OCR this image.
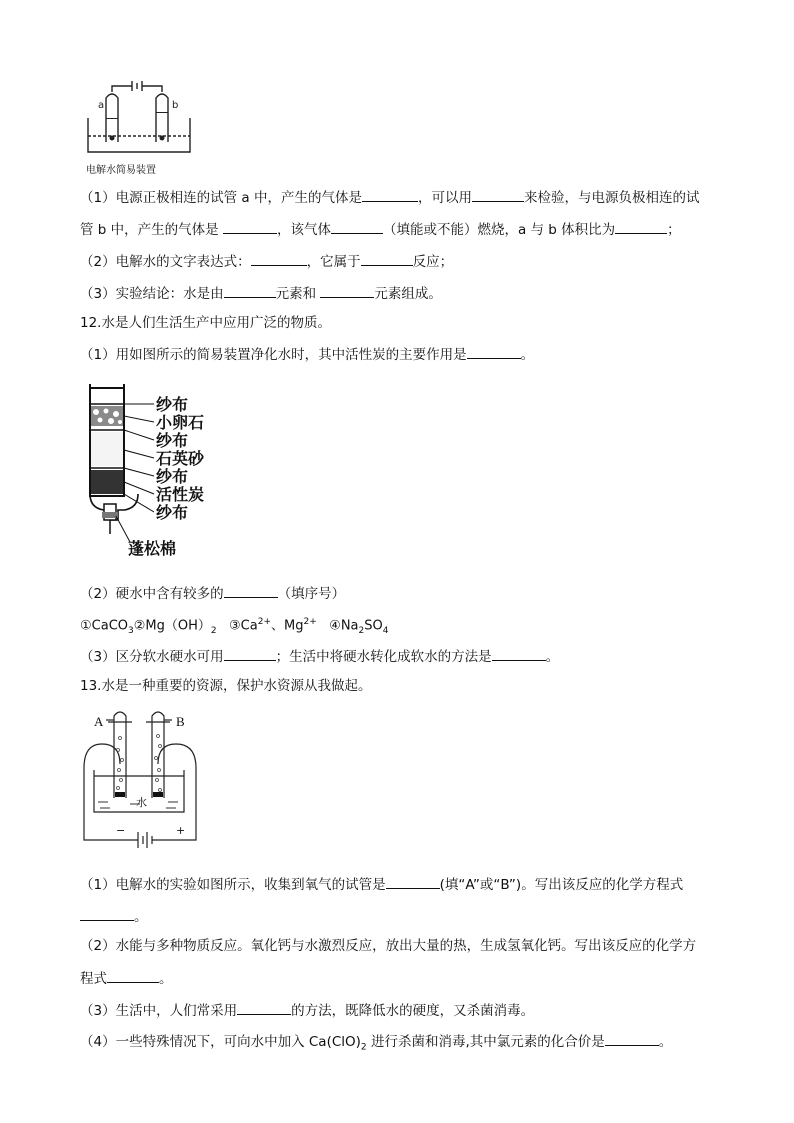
a	b
电解水简易装置
（1）电源正极相连的试管 a 中，产生的气体是	，可以用	来检验，与电源负极相连的试
管 b 中，产生的气体是	，该气体	（填能或不能）燃烧，a 与 b 体积比为	；
（2）电解水的文字表达式：	，它属于	反应；
（3）实验结论：水是由	元素和	元素组成。
12.水是人们生活生产中应用广泛的物质。
（1）用如图所示的简易装置净化水时，其中活性炭的主要作用是	。
纱布
小卵石
纱布
石英砂
纱布
活性炭
纱布
蓬松棉
（2）硬水中含有较多的	（填序号）
$①CaCO_3②Mg(OH)_2$ $③Ca^{2+}$、$Mg^{2+}$ $④Na_2SO_4$
（3）区分软水硬水可用	；生活中将硬水转化成软水的方法是	。
13.水是一种重要的资源，保护水资源从我做起。
A	B
水
−	+
（1）电解水的实验如图所示，收集到氧气的试管是	(填“A”或“B”)。写出该反应的化学方程式
。
（2）水能与多种物质反应。氧化钙与水激烈反应，放出大量的热，生成氢氧化钙。写出该反应的化学方
程式	。
（3）生活中，人们常采用	的方法，既降低水的硬度，又杀菌消毒。
（4）一些特殊情况下，可向水中加入 $Ca(ClO)_2$ 进行杀菌和消毒,其中氯元素的化合价是	。
